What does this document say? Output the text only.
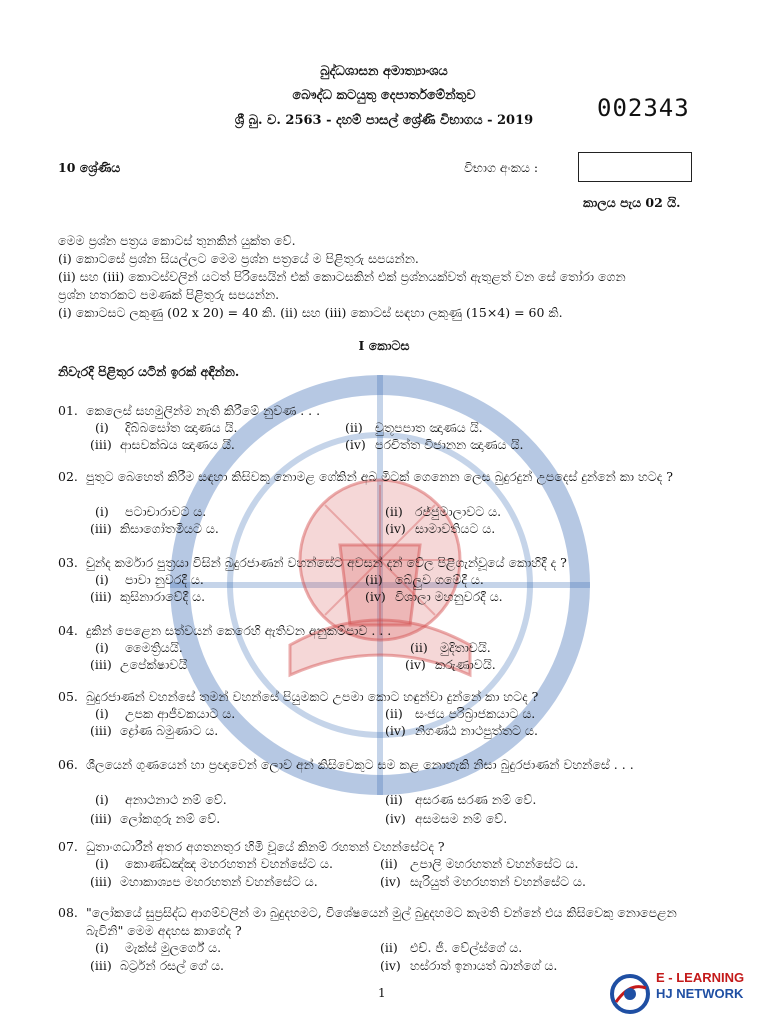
බුද්ධශාසන අමාත්‍යාංශය
බෞද්ධ කටයුතු දෙපාර්තමේන්තුව
ශ්‍රී බු. ව. 2563 - දහම් පාසල් ශ්‍රේණි විභාගය - 2019	002343
10 ශ්‍රේණිය	විභාග අංකය :
කාලය පැය 02 යි.
මෙම ප්‍රශ්න පත්‍රය කොටස් තුනකින් යුක්ත වේ.
(i) කොටසේ ප්‍රශ්න සියල්ලට මෙම ප්‍රශ්න පත්‍රයේ ම පිළිතුරු සපයන්න.
(ii) සහ (iii) කොටස්වලින් යටත් පිරිසෙයින් එක් කොටසකින් එක් ප්‍රශ්නයක්වත් ඇතුළත් වන සේ තෝරා ගෙන
ප්‍රශ්න හතරකට පමණක් පිළිතුරු සපයන්න.
(i) කොටසට ලකුණු (02 x 20) = 40 කි. (ii) සහ (iii) කොටස් සඳහා ලකුණු (15×4) = 60 කි.
I කොටස
නිවැරදි පිළිතුර යටින් ඉරක් අඳින්න.
01. කෙලෙස් සහමුලින්ම නැති කිරීමේ නුවණ . . .
(i) දිබ්බසෝත ඤාණය යි.	(ii) චුතූපපාත ඤාණය යි.
(iii) ආසවක්ඛය ඤාණය යි.	(iv) පරචිත්ත විජානන ඤාණය යි.
02. පුතුට බෙහෙත් කිරීම සඳහා කිසිවකු නොමළ ගේකින් අබ මිටක් ගෙනෙන ලෙස බුදුරදුන් උපදෙස් දුන්නේ කා හටද ?
(i) පටාචාරාවට ය.	(ii) රජ්ජුමාලාවට ය.
(iii) කිසාගෝතමියට ය.	(iv) සාමාවතියට ය.
03. චුන්ද කර්මාර පුත්‍රයා විසින් බුදුරජාණන් වහන්සේට අවසන් දන් වේල පිළිගැන්වූයේ කොහිදී ද ?
(i) පාවා නුවරදී ය.	(ii) බේලුව ගමේදී ය.
(iii) කුසිනාරාවේදී ය.	(iv) විශාලා මහනුවරදී ය.
04. දුකින් පෙළෙන සත්වයන් කෙරෙහි ඇතිවන අනුකම්පාව . . .
(i) මෛත්‍රියයි.	(ii) මුදිතාවයි.
(iii) උපේක්ෂාවයි	(iv) කරුණාවයි.
05. බුදුරජාණන් වහන්සේ තමන් වහන්සේ පියුමකට උපමා කොට හඳුන්වා දුන්නේ කා හටද ?
(i) උපක ආජීවකයාට ය.	(ii) සංජය පරිබ්‍රාජකයාට ය.
(iii) ද්‍රෝණ බමුණාට ය.	(iv) නිගණ්ඨ නාථපුත්තට ය.
06. ශීලයෙන් ගුණයෙන් හා ප්‍රඥාවෙන් ලොව අන් කිසිවෙකුට සම කළ නොහැකි නිසා බුදුරජාණන් වහන්සේ . . .
(i) අනාථනාථ නම් වේ.	(ii) අසරණ සරණ නම් වේ.
(iii) ලෝකගුරු නම් වේ.	(iv) අසමසම නම් වේ.
07. ධුතාංගධාරීන් අතර අගතනතුර හිමි වූයේ කිනම් රහතන් වහන්සේටද ?
(i) කොණ්ඩඤ්ඤ මහරහතන් වහන්සේට ය.	(ii) උපාලි මහරහතන් වහන්සේට ය.
(iii) මහාකාශ්‍යප මහරහතන් වහන්සේට ය.	(iv) සැරියුත් මහරහතන් වහන්සේට ය.
08. "ලෝකයේ සුප්‍රසිද්ධ ආගම්වලින් මා බුදුදහමට, විශේෂයෙන් මුල් බුදුදහමට කැමති වන්නේ එය කිසිවෙකු නොපෙළන බැවිනි" මෙම අදහස කාගේද ?
(i) මැක්ස් මුලර්ගේ ය.	(ii) එච්. ජී. වේල්ස්ගේ ය.
(iii) බර්ට්‍රන් රසල් ගේ ය.	(iv) හස්රාත් ඉනායත් ඛාන්ගේ ය.
1
E - LEARNING
HJ NETWORK
